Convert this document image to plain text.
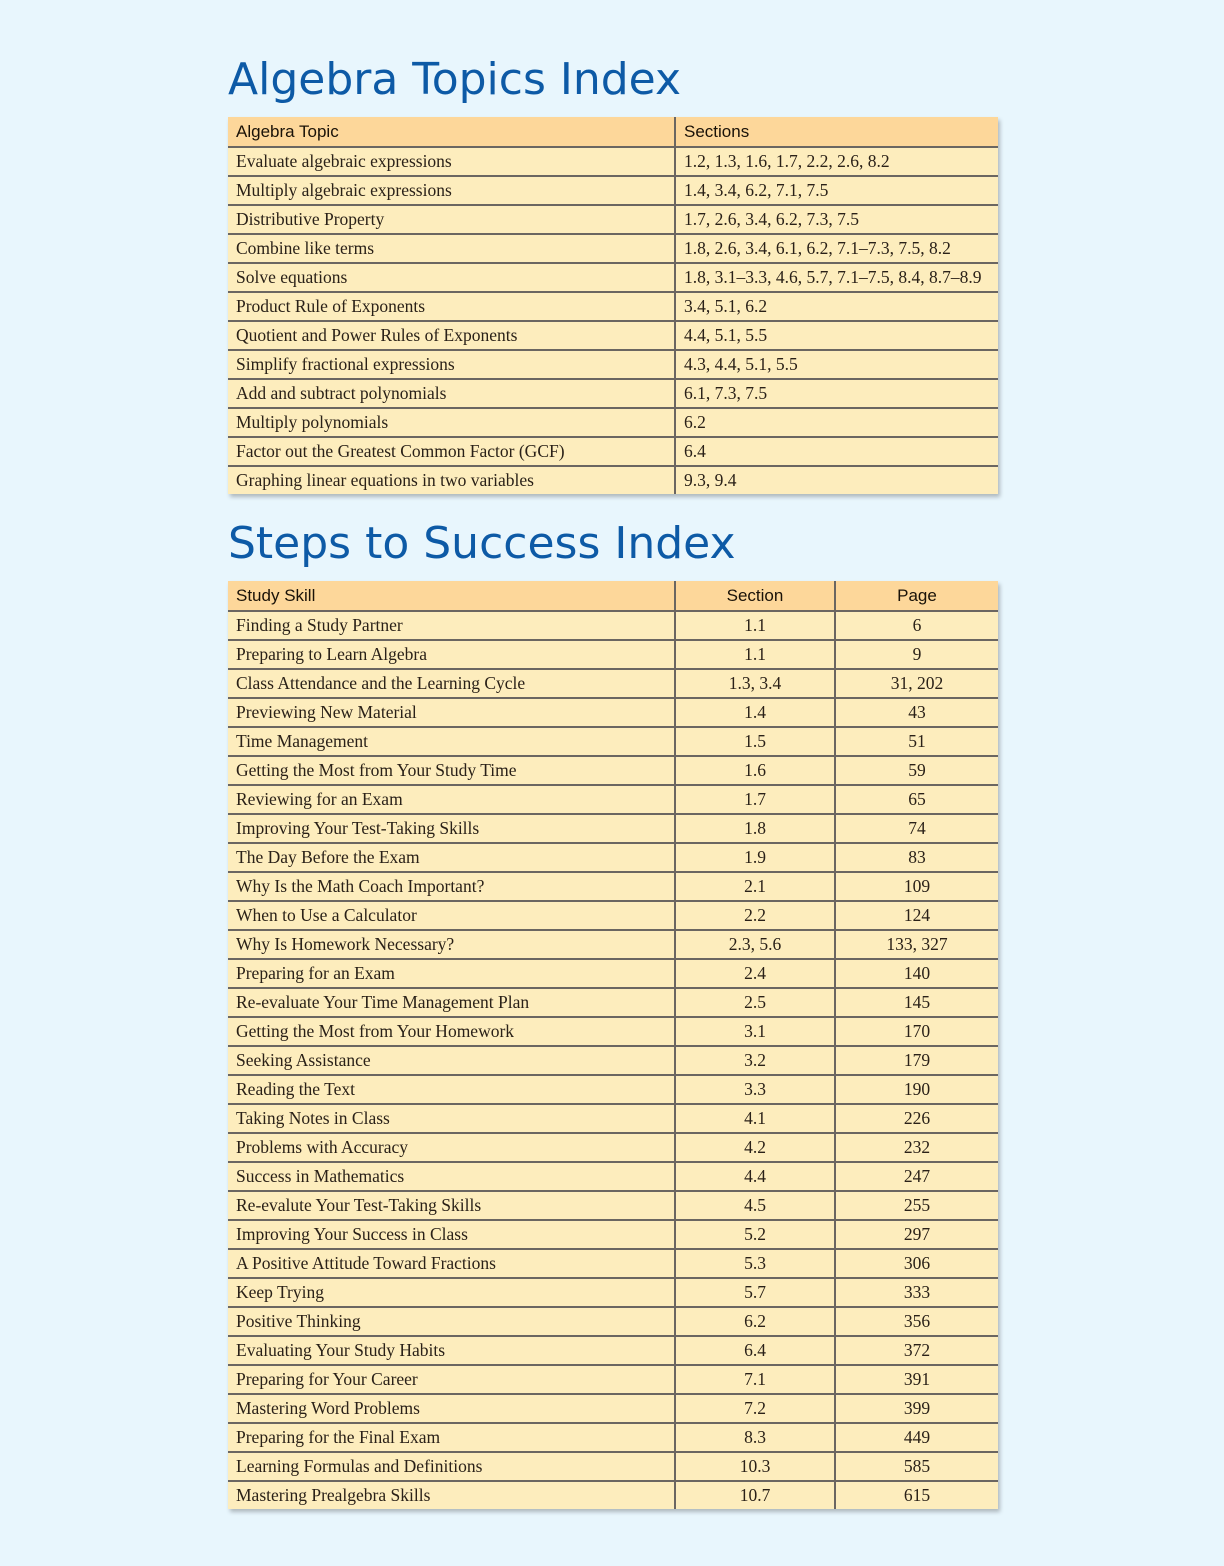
Algebra Topics Index
Algebra Topic	Sections
Evaluate algebraic expressions	1.2, 1.3, 1.6, 1.7, 2.2, 2.6, 8.2
Multiply algebraic expressions	1.4, 3.4, 6.2, 7.1, 7.5
Distributive Property	1.7, 2.6, 3.4, 6.2, 7.3, 7.5
Combine like terms	1.8, 2.6, 3.4, 6.1, 6.2, 7.1–7.3, 7.5, 8.2
Solve equations	1.8, 3.1–3.3, 4.6, 5.7, 7.1–7.5, 8.4, 8.7–8.9
Product Rule of Exponents	3.4, 5.1, 6.2
Quotient and Power Rules of Exponents	4.4, 5.1, 5.5
Simplify fractional expressions	4.3, 4.4, 5.1, 5.5
Add and subtract polynomials	6.1, 7.3, 7.5
Multiply polynomials	6.2
Factor out the Greatest Common Factor (GCF)	6.4
Graphing linear equations in two variables	9.3, 9.4
Steps to Success Index
Study Skill	Section	Page
Finding a Study Partner	1.1	6
Preparing to Learn Algebra	1.1	9
Class Attendance and the Learning Cycle	1.3, 3.4	31, 202
Previewing New Material	1.4	43
Time Management	1.5	51
Getting the Most from Your Study Time	1.6	59
Reviewing for an Exam	1.7	65
Improving Your Test-Taking Skills	1.8	74
The Day Before the Exam	1.9	83
Why Is the Math Coach Important?	2.1	109
When to Use a Calculator	2.2	124
Why Is Homework Necessary?	2.3, 5.6	133, 327
Preparing for an Exam	2.4	140
Re-evaluate Your Time Management Plan	2.5	145
Getting the Most from Your Homework	3.1	170
Seeking Assistance	3.2	179
Reading the Text	3.3	190
Taking Notes in Class	4.1	226
Problems with Accuracy	4.2	232
Success in Mathematics	4.4	247
Re-evalute Your Test-Taking Skills	4.5	255
Improving Your Success in Class	5.2	297
A Positive Attitude Toward Fractions	5.3	306
Keep Trying	5.7	333
Positive Thinking	6.2	356
Evaluating Your Study Habits	6.4	372
Preparing for Your Career	7.1	391
Mastering Word Problems	7.2	399
Preparing for the Final Exam	8.3	449
Learning Formulas and Definitions	10.3	585
Mastering Prealgebra Skills	10.7	615
